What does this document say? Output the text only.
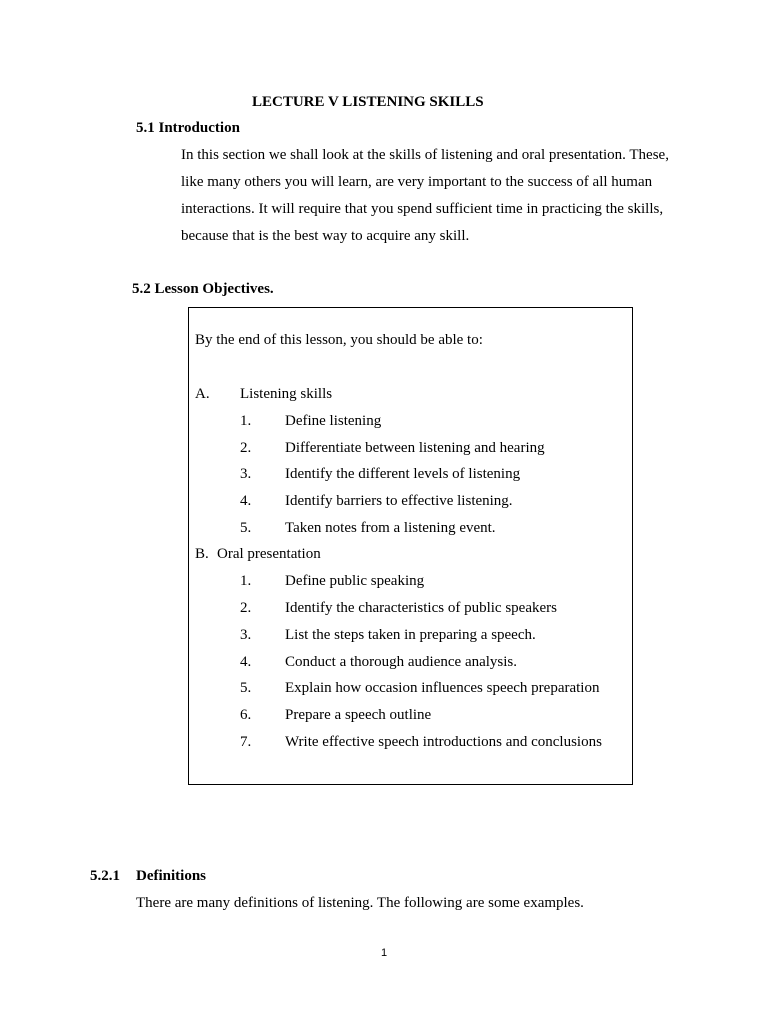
LECTURE V LISTENING SKILLS
5.1 Introduction
In this section we shall look at the skills of listening and oral presentation. These,
like many others you will learn, are very important to the success of all human
interactions. It will require that you spend sufficient time in practicing the skills,
because that is the best way to acquire any skill.
5.2 Lesson Objectives.
By the end of this lesson, you should be able to:
A. Listening skills
1. Define listening
2. Differentiate between listening and hearing
3. Identify the different levels of listening
4. Identify barriers to effective listening.
5. Taken notes from a listening event.
B. Oral presentation
1. Define public speaking
2. Identify the characteristics of public speakers
3. List the steps taken in preparing a speech.
4. Conduct a thorough audience analysis.
5. Explain how occasion influences speech preparation
6. Prepare a speech outline
7. Write effective speech introductions and conclusions
5.2.1 Definitions
There are many definitions of listening. The following are some examples.
1
